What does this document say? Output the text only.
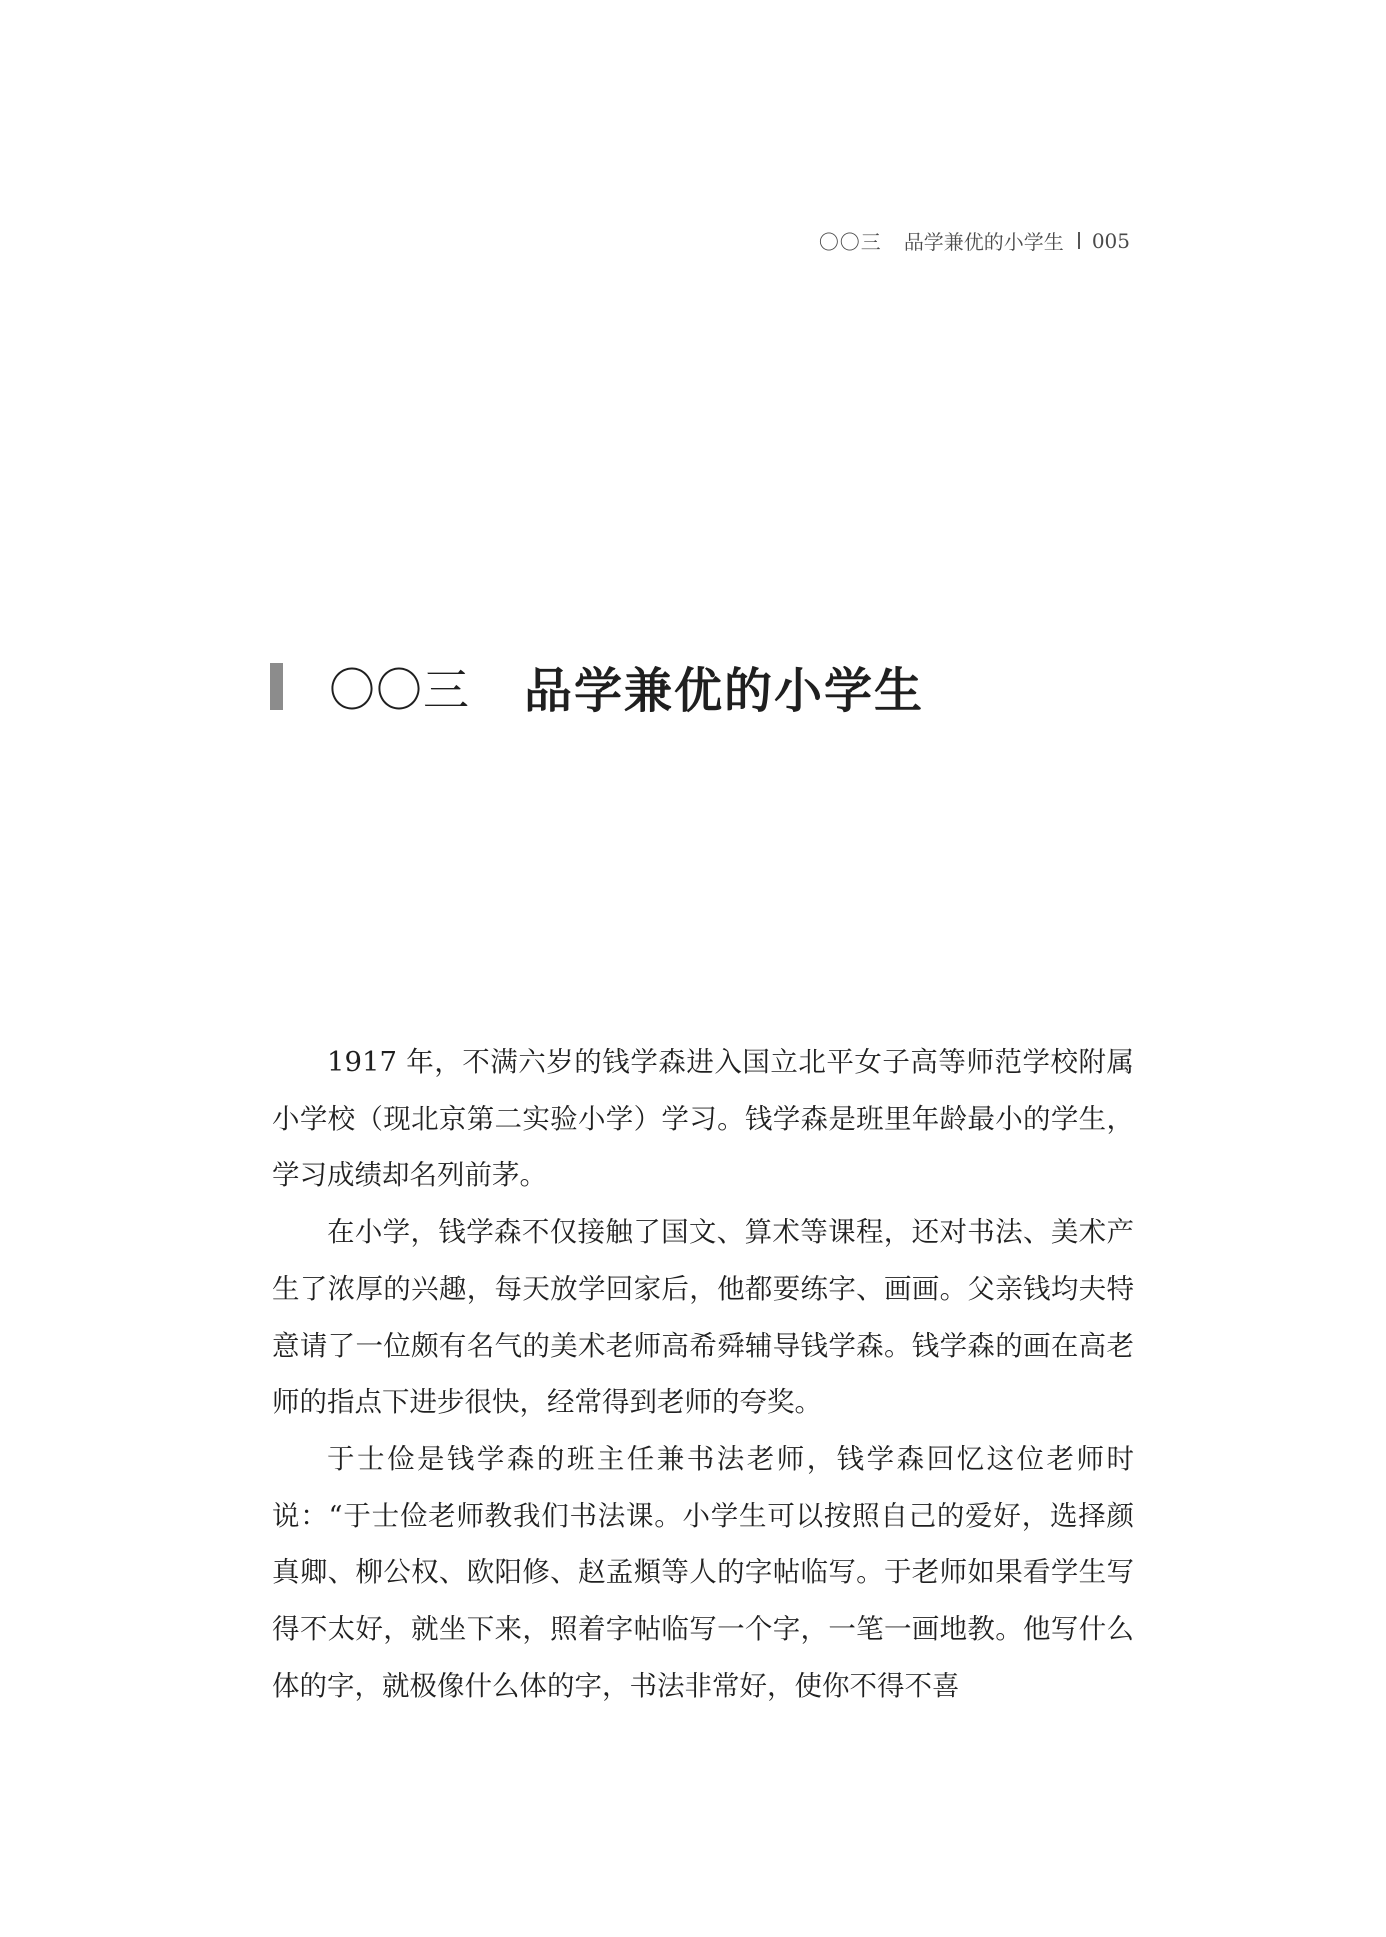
〇〇三 品学兼优的小学生 005
〇〇三 品学兼优的小学生

1917 年，不满六岁的钱学森进入国立北平女子高等师范学校附属小学校（现北京第二实验小学）学习。钱学森是班里年龄最小的学生，学习成绩却名列前茅。

在小学，钱学森不仅接触了国文、算术等课程，还对书法、美术产生了浓厚的兴趣，每天放学回家后，他都要练字、画画。父亲钱均夫特意请了一位颇有名气的美术老师高希舜辅导钱学森。钱学森的画在高老师的指点下进步很快，经常得到老师的夸奖。

于士俭是钱学森的班主任兼书法老师，钱学森回忆这位老师时说：“于士俭老师教我们书法课。小学生可以按照自己的爱好，选择颜真卿、柳公权、欧阳修、赵孟頫等人的字帖临写。于老师如果看学生写得不太好，就坐下来，照着字帖临写一个字，一笔一画地教。他写什么体的字，就极像什么体的字，书法非常好，使你不得不喜
